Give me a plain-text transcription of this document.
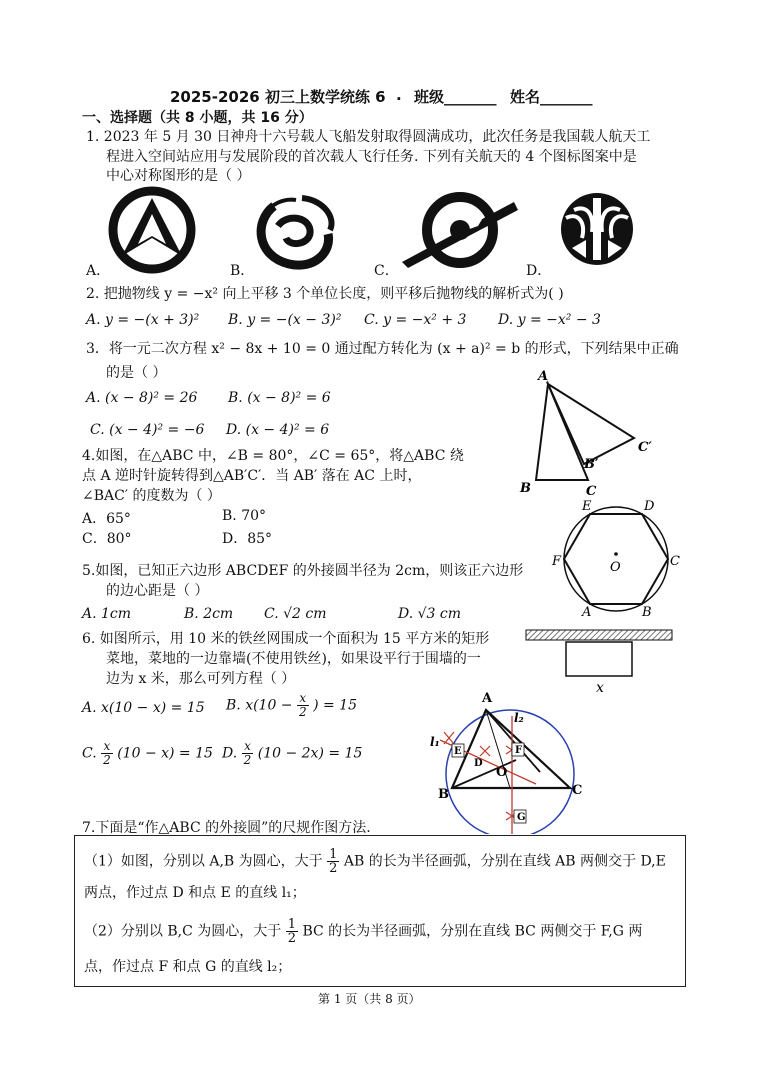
2025-2026 初三上数学统练 6 . 班级_______ 姓名_______
一、选择题（共 8 小题，共 16 分）
1. 2023 年 5 月 30 日神舟十六号载人飞船发射取得圆满成功，此次任务是我国载人航天工
程进入空间站应用与发展阶段的首次载人飞行任务. 下列有关航天的 4 个图标图案中是
中心对称图形的是（ ）
A．	B．	C．	D．
2. 把抛物线 y = −x² 向上平移 3 个单位长度，则平移后抛物线的解析式为( )
A. y = −(x + 3)² B. y = −(x − 3)² C. y = −x² + 3 D. y = −x² − 3
3．将一元二次方程 x² − 8x + 10 = 0 通过配方转化为 (x + a)² = b 的形式，下列结果中正确
的是（ ）
A. (x − 8)² = 26 B. (x − 8)² = 6
C. (x − 4)² = −6 D. (x − 4)² = 6
A
B	C
B′
C′
4.如图，在△ABC 中，∠B = 80°，∠C = 65°，将△ABC 绕
点 A 逆时针旋转得到△AB′C′．当 AB′ 落在 AC 上时，
∠BAC′ 的度数为（ ）
A．65°	B. 70°
C．80°	D．85°
A	B
C
D
E
F	O
5.如图，已知正六边形 ABCDEF 的外接圆半径为 2cm，则该正六边形
的边心距是（ ）
A. 1cm	B. 2cm C. √2 cm	D. √3 cm
x
6. 如图所示，用 10 米的铁丝网围成一个面积为 15 平方米的矩形
菜地，菜地的一边靠墙(不使用铁丝)，如果设平行于围墙的一
边为 x 米，那么可列方程（ ）
A. x(10 − x) = 15 B. $x(10 - \frac{x}{2}$ ) = 15
C. $\frac{x}{2} (10 - x) = 15$ D. $\frac{x}{2} (10 - 2x) = 15$
A
B	C
O
D
E	F
G
l₁
l₂
7.下面是“作△ABC 的外接圆”的尺规作图方法.
（1）如图，分别以 A,B 为圆心，大于 $\frac{1}{2}$ AB 的长为半径画弧，分别在直线 AB 两侧交于 D,E
两点，作过点 D 和点 E 的直线 l₁；
（2）分别以 B,C 为圆心，大于 $\frac{1}{2}$ BC 的长为半径画弧，分别在直线 BC 两侧交于 F,G 两
点，作过点 F 和点 G 的直线 l₂；
第 1 页（共 8 页）
